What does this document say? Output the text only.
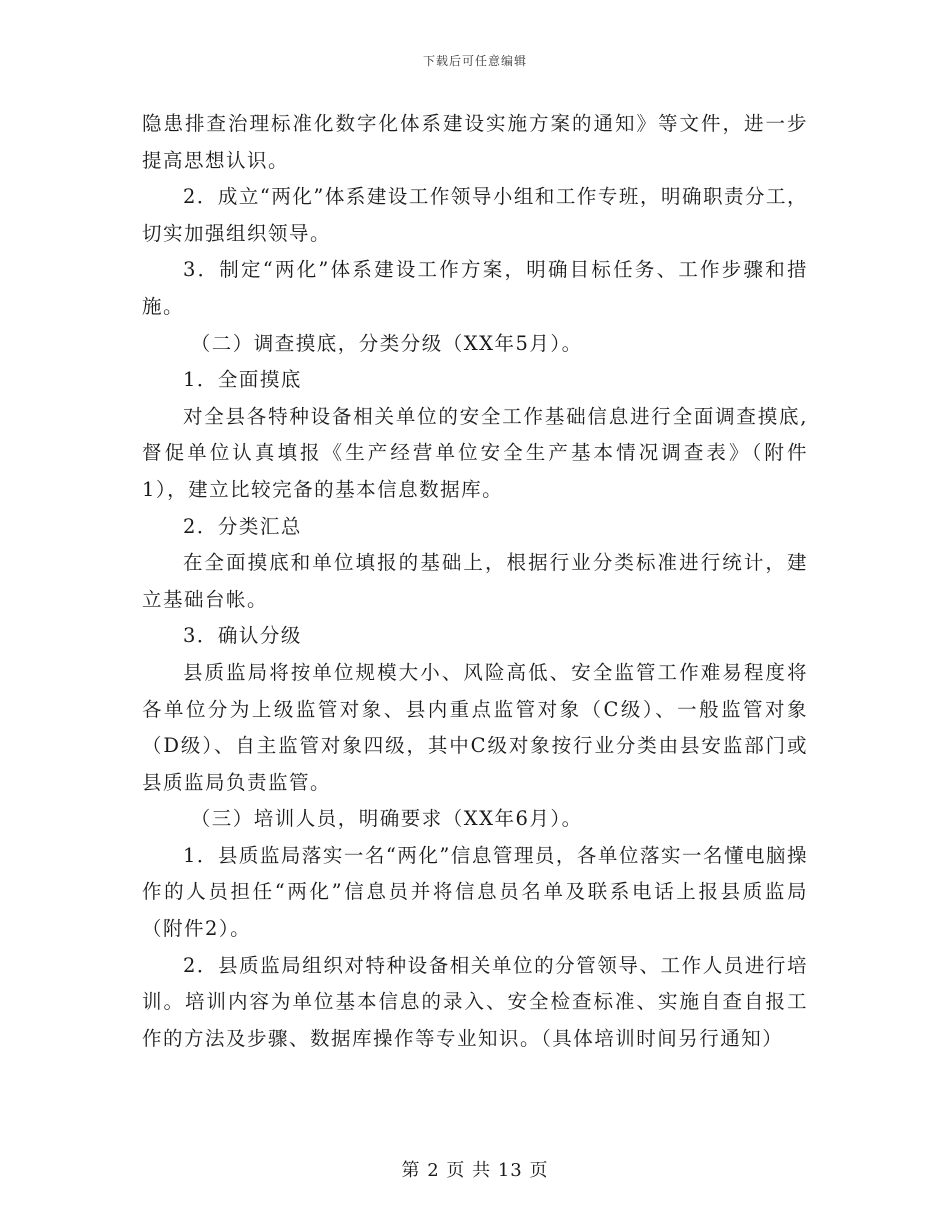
下载后可任意编辑

隐患排查治理标准化数字化体系建设实施方案的通知》等文件，进一步提高思想认识。

2．成立“两化”体系建设工作领导小组和工作专班，明确职责分工，切实加强组织领导。

3．制定“两化”体系建设工作方案，明确目标任务、工作步骤和措施。

（二）调查摸底，分类分级（XX年5月）。

1．全面摸底

对全县各特种设备相关单位的安全工作基础信息进行全面调查摸底,督促单位认真填报《生产经营单位安全生产基本情况调查表》（附件1），建立比较完备的基本信息数据库。

2．分类汇总

在全面摸底和单位填报的基础上，根据行业分类标准进行统计，建立基础台帐。

3．确认分级

县质监局将按单位规模大小、风险高低、安全监管工作难易程度将各单位分为上级监管对象、县内重点监管对象（C级）、一般监管对象（D级）、自主监管对象四级，其中C级对象按行业分类由县安监部门或县质监局负责监管。

（三）培训人员，明确要求（XX年6月）。

1．县质监局落实一名“两化”信息管理员，各单位落实一名懂电脑操作的人员担任“两化”信息员并将信息员名单及联系电话上报县质监局（附件2）。

2．县质监局组织对特种设备相关单位的分管领导、工作人员进行培训。培训内容为单位基本信息的录入、安全检查标准、实施自查自报工作的方法及步骤、数据库操作等专业知识。（具体培训时间另行通知）

第 2 页 共 13 页
